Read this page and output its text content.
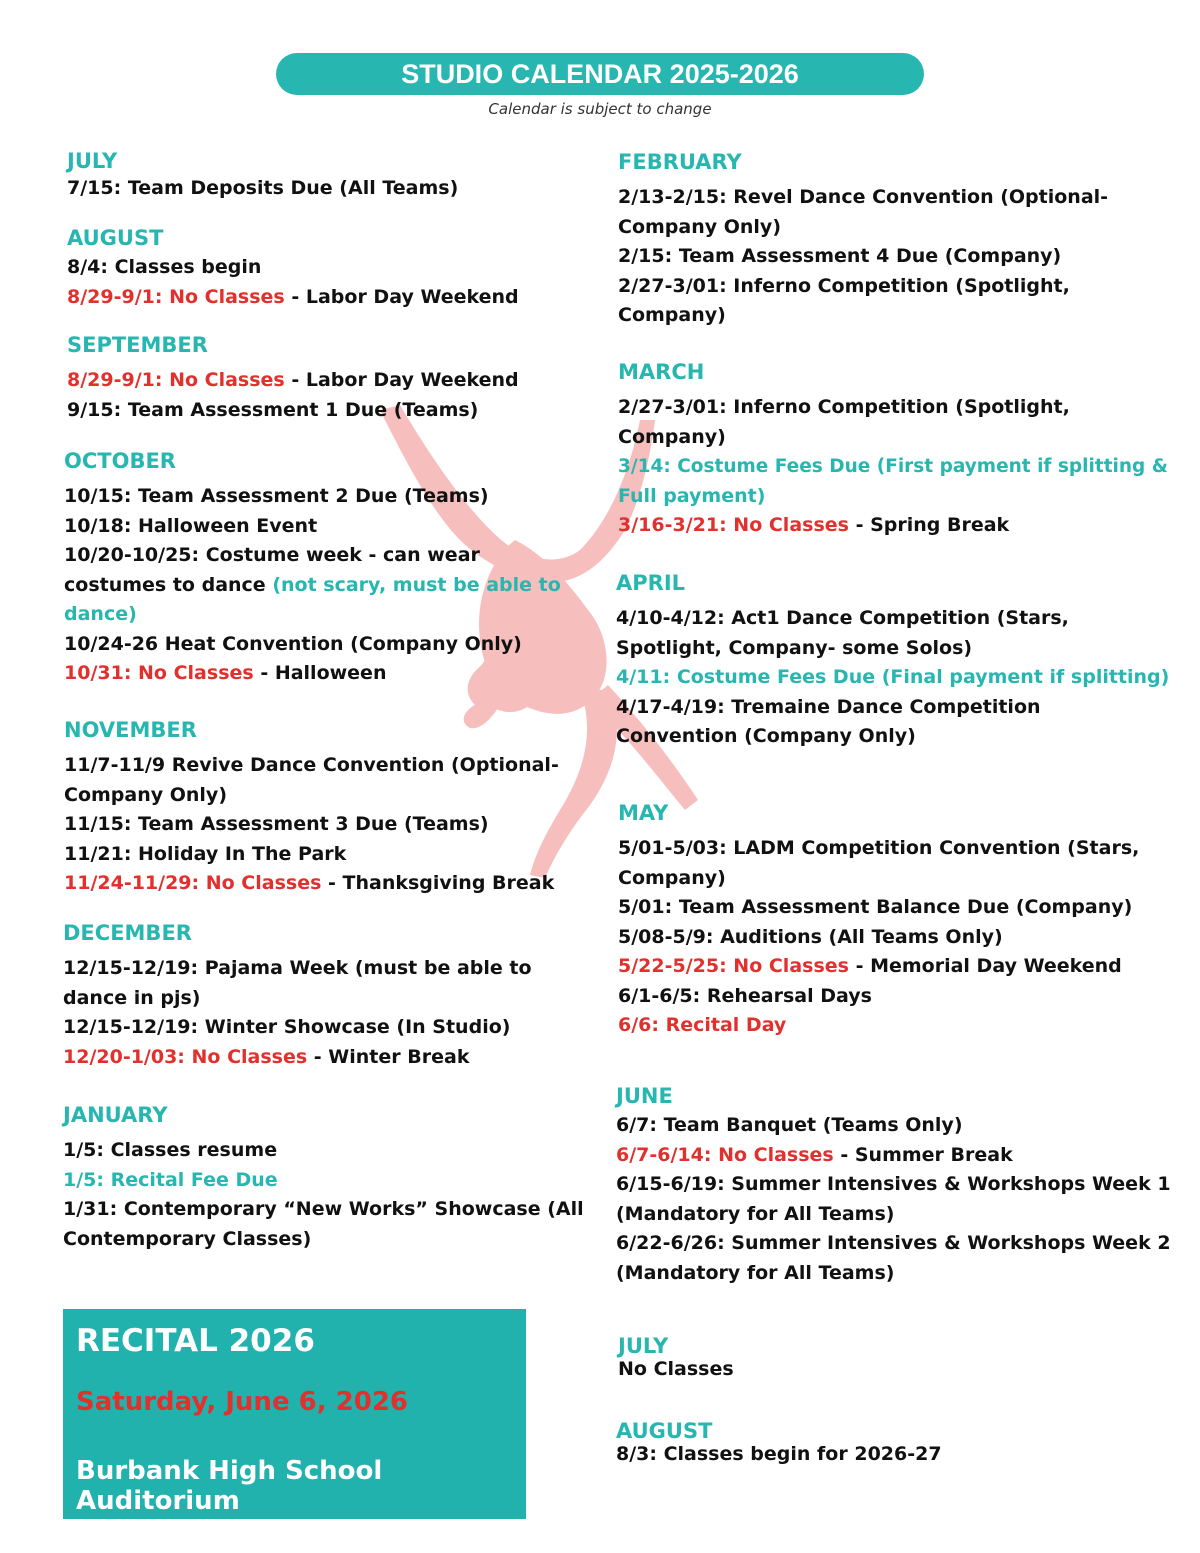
STUDIO CALENDAR 2025-2026
Calendar is subject to change
JULY
7/15: Team Deposits Due (All Teams)
AUGUST
8/4: Classes begin
8/29-9/1: No Classes - Labor Day Weekend
SEPTEMBER
8/29-9/1: No Classes - Labor Day Weekend
9/15: Team Assessment 1 Due (Teams)
OCTOBER
10/15: Team Assessment 2 Due (Teams)
10/18: Halloween Event
10/20-10/25: Costume week - can wear
costumes to dance (not scary, must be able to
dance)
10/24-26 Heat Convention (Company Only)
10/31: No Classes - Halloween
NOVEMBER
11/7-11/9 Revive Dance Convention (Optional-
Company Only)
11/15: Team Assessment 3 Due (Teams)
11/21: Holiday In The Park
11/24-11/29: No Classes - Thanksgiving Break
DECEMBER
12/15-12/19: Pajama Week (must be able to
dance in pjs)
12/15-12/19: Winter Showcase (In Studio)
12/20-1/03: No Classes - Winter Break
JANUARY
1/5: Classes resume
1/5: Recital Fee Due
1/31: Contemporary “New Works” Showcase (All
Contemporary Classes)
RECITAL 2026
Saturday, June 6, 2026
Burbank High School Auditorium
FEBRUARY
2/13-2/15: Revel Dance Convention (Optional-
Company Only)
2/15: Team Assessment 4 Due (Company)
2/27-3/01: Inferno Competition (Spotlight,
Company)
MARCH
2/27-3/01: Inferno Competition (Spotlight,
Company)
3/14: Costume Fees Due (First payment if splitting &
Full payment)
3/16-3/21: No Classes - Spring Break
APRIL
4/10-4/12: Act1 Dance Competition (Stars,
Spotlight, Company- some Solos)
4/11: Costume Fees Due (Final payment if splitting)
4/17-4/19: Tremaine Dance Competition
Convention (Company Only)
MAY
5/01-5/03: LADM Competition Convention (Stars,
Company)
5/01: Team Assessment Balance Due (Company)
5/08-5/9: Auditions (All Teams Only)
5/22-5/25: No Classes - Memorial Day Weekend
6/1-6/5: Rehearsal Days
6/6: Recital Day
JUNE
6/7: Team Banquet (Teams Only)
6/7-6/14: No Classes - Summer Break
6/15-6/19: Summer Intensives & Workshops Week 1
(Mandatory for All Teams)
6/22-6/26: Summer Intensives & Workshops Week 2
(Mandatory for All Teams)
JULY
No Classes
AUGUST
8/3: Classes begin for 2026-27
